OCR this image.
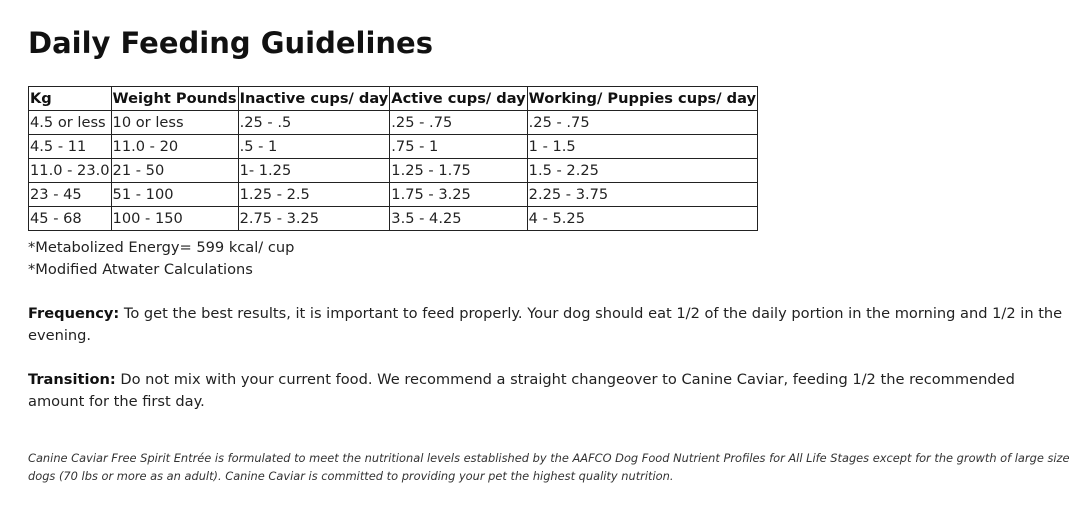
Daily Feeding Guidelines
Kg	Weight Pounds	Inactive cups/ day	Active cups/ day	Working/ Puppies cups/ day
4.5 or less	10 or less	.25 - .5	.25 - .75	.25 - .75
4.5 - 11	11.0 - 20	.5 - 1	.75 - 1	1 - 1.5
11.0 - 23.0	21 - 50	1- 1.25	1.25 - 1.75	1.5 - 2.25
23 - 45	51 - 100	1.25 - 2.5	1.75 - 3.25	2.25 - 3.75
45 - 68	100 - 150	2.75 - 3.25	3.5 - 4.25	4 - 5.25
*Metabolized Energy= 599 kcal/ cup
*Modified Atwater Calculations
Frequency: To get the best results, it is important to feed properly. Your dog should eat 1/2 of the daily portion in the morning and 1/2 in the evening.
Transition: Do not mix with your current food. We recommend a straight changeover to Canine Caviar, feeding 1/2 the recommended amount for the first day.
Canine Caviar Free Spirit Entrée is formulated to meet the nutritional levels established by the AAFCO Dog Food Nutrient Profiles for All Life Stages except for the growth of large size dogs (70 lbs or more as an adult). Canine Caviar is committed to providing your pet the highest quality nutrition.
